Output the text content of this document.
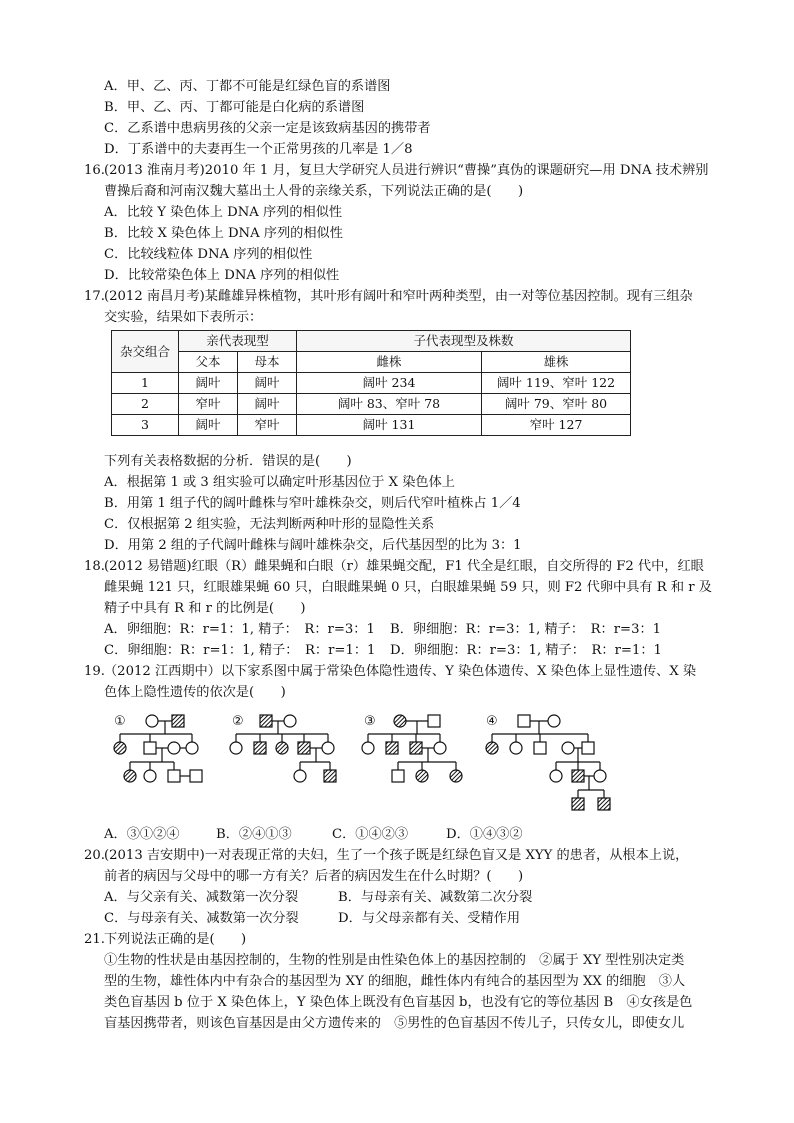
A．甲、乙、丙、丁都不可能是红绿色盲的系谱图
B．甲、乙、丙、丁都可能是白化病的系谱图
C．乙系谱中患病男孩的父亲一定是该致病基因的携带者
D．丁系谱中的夫妻再生一个正常男孩的几率是 1／8
16. (2013 淮南月考)2010 年 1 月，复旦大学研究人员进行辨识“曹操”真伪的课题研究—用 DNA 技术辨别
曹操后裔和河南汉魏大墓出土人骨的亲缘关系，下列说法正确的是(　　)
A．比较 Y 染色体上 DNA 序列的相似性
B．比较 X 染色体上 DNA 序列的相似性
C．比较线粒体 DNA 序列的相似性
D．比较常染色体上 DNA 序列的相似性
17. (2012 南昌月考)某雌雄异株植物，其叶形有阔叶和窄叶两种类型，由一对等位基因控制。现有三组杂
交实验，结果如下表所示：
杂交组合	亲代表现型		子代表现型及株数	
	父本	母本	雌株	雄株
1	阔叶	阔叶	阔叶 234	阔叶 119、窄叶 122
2	窄叶	阔叶	阔叶 83、窄叶 78	阔叶 79、窄叶 80
3	阔叶	窄叶	阔叶 131	窄叶 127
下列有关表格数据的分析．错误的是(　　)
A．根据第 1 或 3 组实验可以确定叶形基因位于 X 染色体上
B．用第 1 组子代的阔叶雌株与窄叶雄株杂交，则后代窄叶植株占 1／4
C．仅根据第 2 组实验，无法判断两种叶形的显隐性关系
D．用第 2 组的子代阔叶雌株与阔叶雄株杂交，后代基因型的比为 3：1
18. (2012 易错题)红眼（R）雌果蝇和白眼（r）雄果蝇交配，F1 代全是红眼，自交所得的 F2 代中，红眼
雌果蝇 121 只，红眼雄果蝇 60 只，白眼雌果蝇 0 只，白眼雄果蝇 59 只，则 F2 代卵中具有 R 和 r 及
精子中具有 R 和 r 的比例是(　　)
A．卵细胞：R：r=1：1, 精子：　R：r=3：1 B．卵细胞：R：r=3：1, 精子：　R：r=3：1
C．卵细胞：R：r=1：1, 精子：　R：r=1：1 D．卵细胞：R：r=3：1, 精子：　R：r=1：1
19. （2012 江西期中）以下家系图中属于常染色体隐性遗传、Y 染色体遗传、X 染色体上显性遗传、X 染
色体上隐性遗传的依次是(　　)
①	②	③	④
A．③①②④	B．②④①③	C．①④②③	D．①④③②
20. (2013 吉安期中)一对表现正常的夫妇，生了一个孩子既是红绿色盲又是 XYY 的患者，从根本上说，
前者的病因与父母中的哪一方有关？后者的病因发生在什么时期？(　　)
A．与父亲有关、减数第一次分裂	B．与母亲有关、减数第二次分裂
C．与母亲有关、减数第一次分裂	D．与父母亲都有关、受精作用
21. 下列说法正确的是(　　)
①生物的性状是由基因控制的，生物的性别是由性染色体上的基因控制的　②属于 XY 型性别决定类
型的生物，雄性体内中有杂合的基因型为 XY 的细胞，雌性体内有纯合的基因型为 XX 的细胞　③人
类色盲基因 b 位于 X 染色体上，Y 染色体上既没有色盲基因 b，也没有它的等位基因 B　④女孩是色
盲基因携带者，则该色盲基因是由父方遗传来的　⑤男性的色盲基因不传儿子，只传女儿，即使女儿
